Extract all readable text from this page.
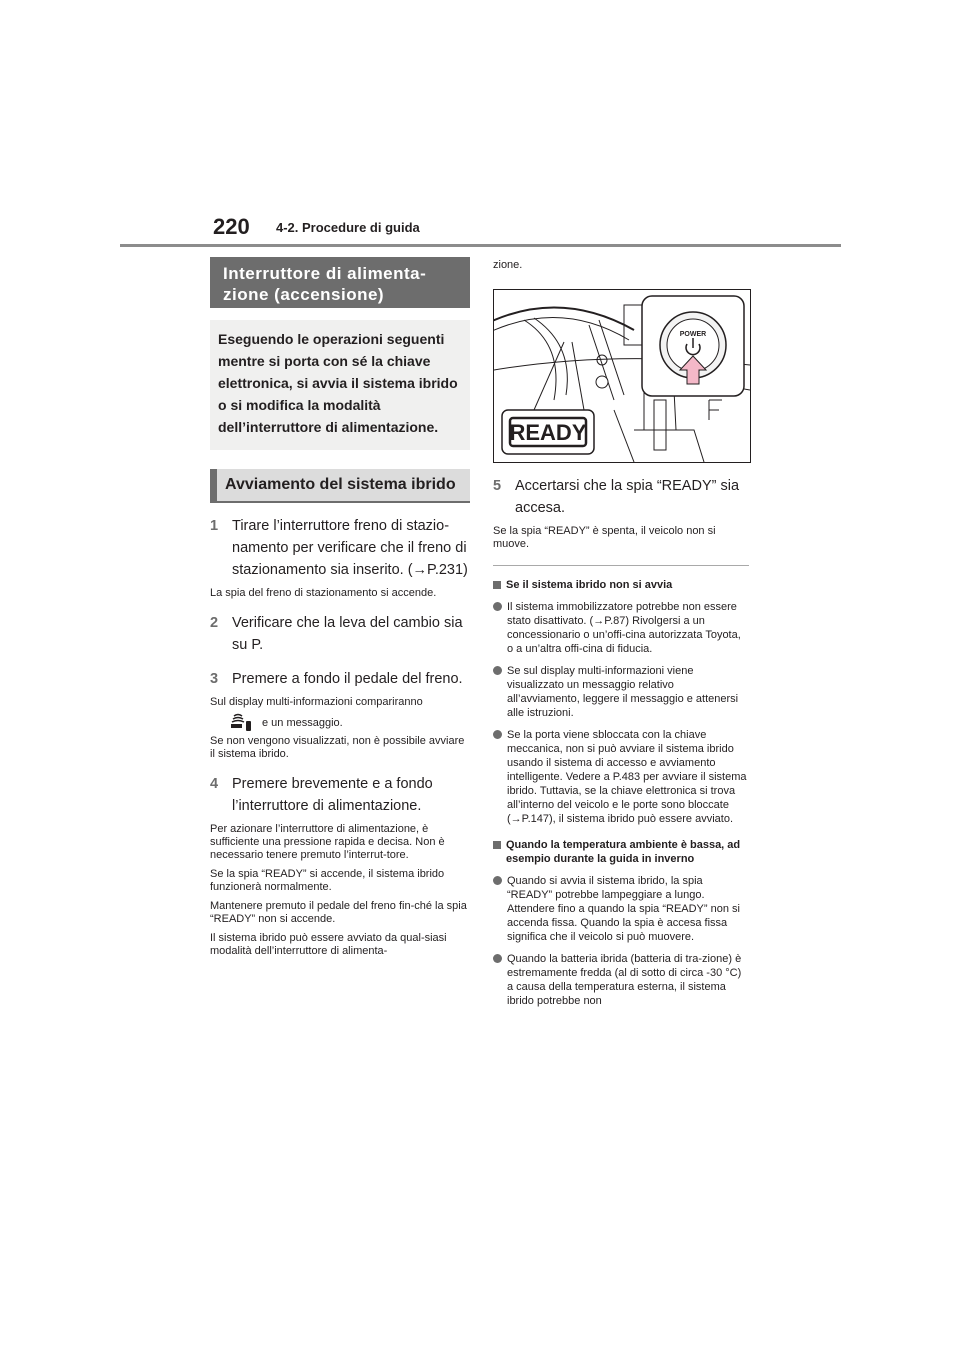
220 4-2. Procedure di guida
Interruttore di alimenta-zione (accensione)
Eseguendo le operazioni seguenti mentre si porta con sé la chiave elettronica, si avvia il sistema ibrido o si modifica la modalità dell’interruttore di alimentazione.
Avviamento del sistema ibrido
1 Tirare l’interruttore freno di stazio-namento per verificare che il freno di stazionamento sia inserito. (→P.231)
La spia del freno di stazionamento si accende.
2 Verificare che la leva del cambio sia su P.
3 Premere a fondo il pedale del freno.
Sul display multi-informazioni compariranno
e un messaggio.
Se non vengono visualizzati, non è possibile avviare il sistema ibrido.
4 Premere brevemente e a fondo l’interruttore di alimentazione.
Per azionare l’interruttore di alimentazione, è sufficiente una pressione rapida e decisa. Non è necessario tenere premuto l’interrut-tore.
Se la spia “READY” si accende, il sistema ibrido funzionerà normalmente.
Mantenere premuto il pedale del freno fin-ché la spia “READY” non si accende.
Il sistema ibrido può essere avviato da qual-siasi modalità dell’interruttore di alimenta-
zione.
READY
POWER
5 Accertarsi che la spia “READY” sia accesa.
Se la spia “READY” è spenta, il veicolo non si muove.
Se il sistema ibrido non si avvia
Il sistema immobilizzatore potrebbe non essere stato disattivato. (→P.87) Rivolgersi a un concessionario o un’offi-cina autorizzata Toyota, o a un’altra offi-cina di fiducia.
Se sul display multi-informazioni viene visualizzato un messaggio relativo all’avviamento, leggere il messaggio e attenersi alle istruzioni.
Se la porta viene sbloccata con la chiave meccanica, non si può avviare il sistema ibrido usando il sistema di accesso e avviamento intelligente. Vedere a P.483 per avviare il sistema ibrido. Tuttavia, se la chiave elettronica si trova all’interno del veicolo e le porte sono bloccate (→P.147), il sistema ibrido può essere avviato.
Quando la temperatura ambiente è bassa, ad esempio durante la guida in inverno
Quando si avvia il sistema ibrido, la spia “READY” potrebbe lampeggiare a lungo. Attendere fino a quando la spia “READY” non si accenda fissa. Quando la spia è accesa fissa significa che il veicolo si può muovere.
Quando la batteria ibrida (batteria di tra-zione) è estremamente fredda (al di sotto di circa -30 °C) a causa della temperatura esterna, il sistema ibrido potrebbe non
